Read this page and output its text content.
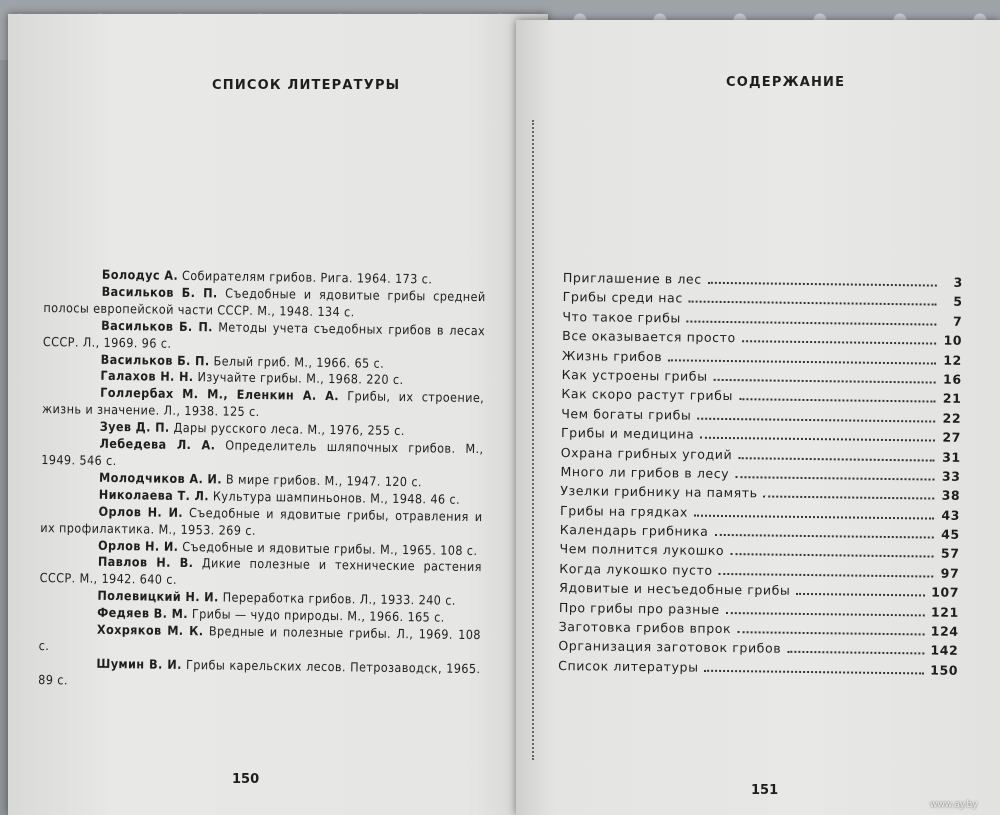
СПИСОК ЛИТЕРАТУРЫ	СОДЕРЖАНИЕ
Болодус А. Собирателям грибов. Рига. 1964. 173 с.
Васильков Б. П. Съедобные и ядовитые грибы средней полосы европейской части СССР. М., 1948. 134 с.
Васильков Б. П. Методы учета съедобных грибов в лесах СССР. Л., 1969. 96 с.
Васильков Б. П. Белый гриб. М., 1966. 65 с.
Галахов Н. Н. Изучайте грибы. М., 1968. 220 с.
Голлербах М. М., Еленкин А. А. Грибы, их строение, жизнь и значение. Л., 1938. 125 с.
Зуев Д. П. Дары русского леса. М., 1976, 255 с.
Лебедева Л. А. Определитель шляпочных грибов. М., 1949. 546 с.
Молодчиков А. И. В мире грибов. М., 1947. 120 с.
Николаева Т. Л. Культура шампиньонов. М., 1948. 46 с.
Орлов Н. И. Съедобные и ядовитые грибы, отравления и их профилактика. М., 1953. 269 с.
Орлов Н. И. Съедобные и ядовитые грибы. М., 1965. 108 с.
Павлов Н. В. Дикие полезные и технические растения СССР. М., 1942. 640 с.
Полевицкий Н. И. Переработка грибов. Л., 1933. 240 с.
Федяев В. М. Грибы — чудо природы. М., 1966. 165 с.
Хохряков М. К. Вредные и полезные грибы. Л., 1969. 108 с.
Шумин В. И. Грибы карельских лесов. Петрозаводск, 1965. 89 с.
Приглашение в лес	3
Грибы среди нас	5
Что такое грибы	7
Все оказывается просто	10
Жизнь грибов	12
Как устроены грибы	16
Как скоро растут грибы	21
Чем богаты грибы	22
Грибы и медицина	27
Охрана грибных угодий	31
Много ли грибов в лесу	33
Узелки грибнику на память	38
Грибы на грядках	43
Календарь грибника	45
Чем полнится лукошко	57
Когда лукошко пусто	97
Ядовитые и несъедобные грибы	107
Про грибы про разные	121
Заготовка грибов впрок	124
Организация заготовок грибов	142
Список литературы	150
150
151
www.ay.by
